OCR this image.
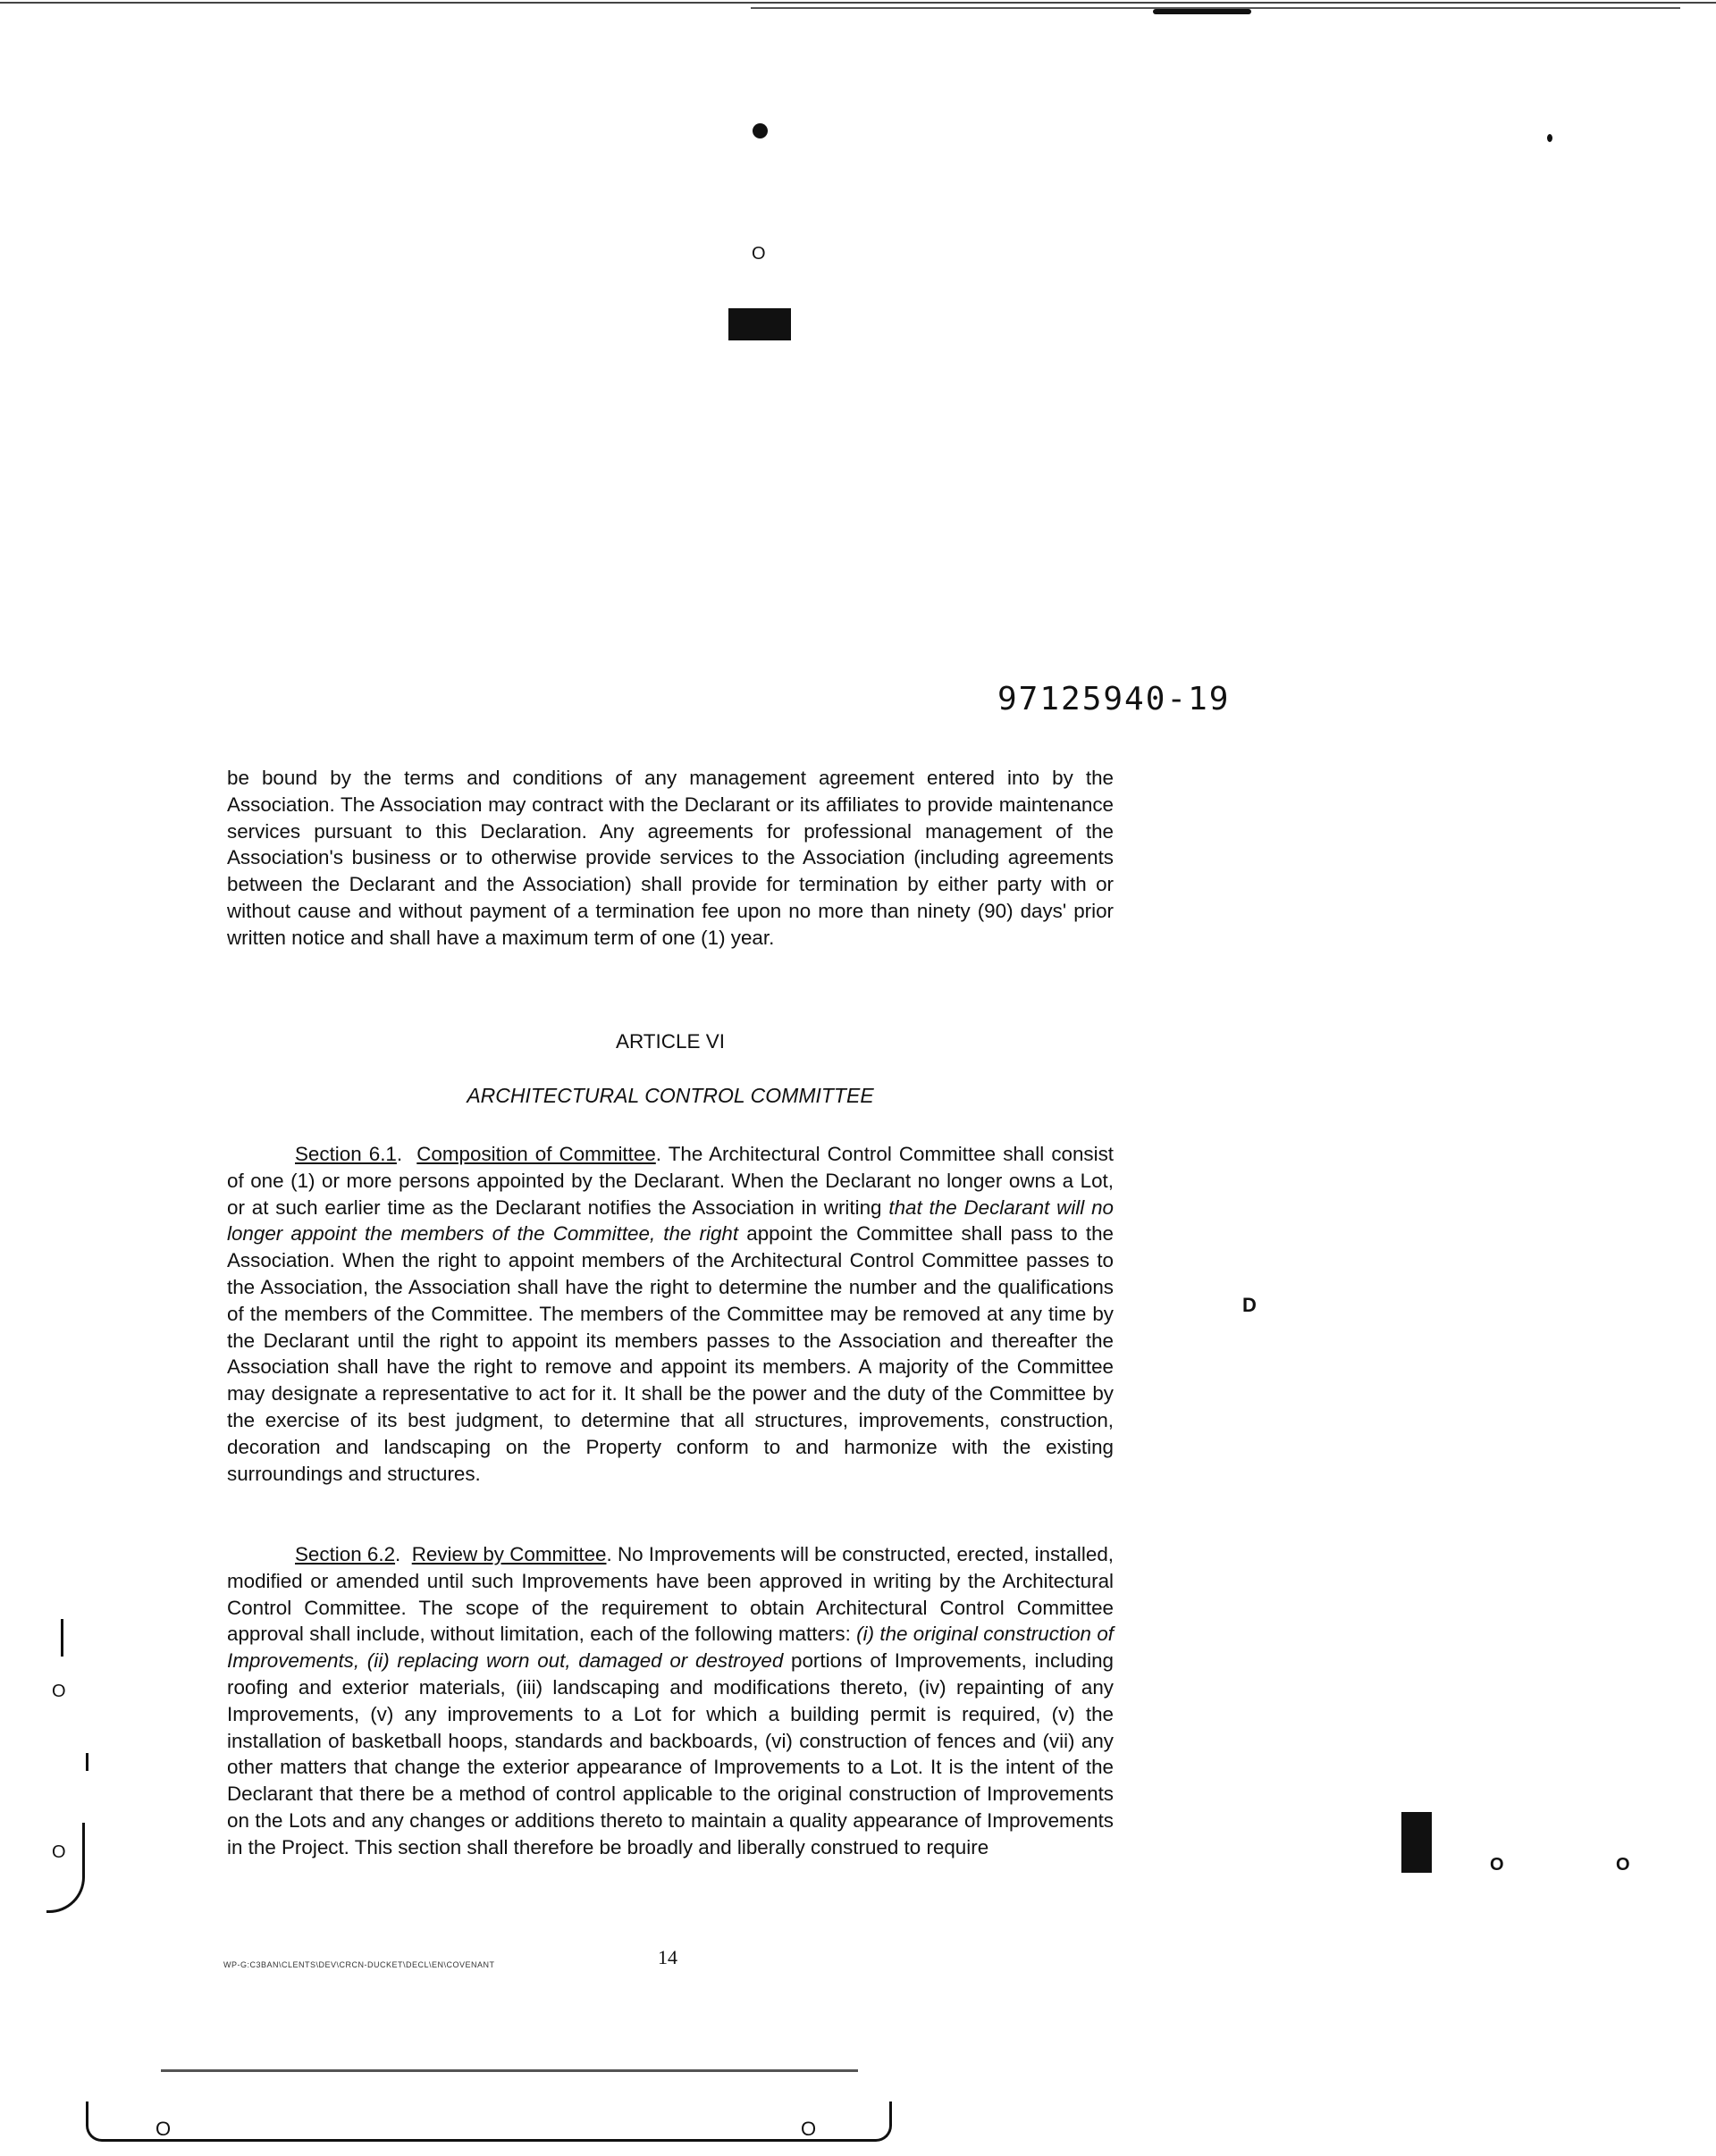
O
97125940-19
be bound by the terms and conditions of any management agreement entered into by the Association. The Association may contract with the Declarant or its affiliates to provide maintenance services pursuant to this Declaration. Any agreements for professional management of the Association's business or to otherwise provide services to the Association (including agreements between the Declarant and the Association) shall provide for termination by either party with or without cause and without payment of a termination fee upon no more than ninety (90) days' prior written notice and shall have a maximum term of one (1) year.
ARTICLE VI
ARCHITECTURAL CONTROL COMMITTEE
Section 6.1.  Composition of Committee. The Architectural Control Committee shall consist of one (1) or more persons appointed by the Declarant. When the Declarant no longer owns a Lot, or at such earlier time as the Declarant notifies the Association in writing that the Declarant will no longer appoint the members of the Committee, the right appoint the Committee shall pass to the Association. When the right to appoint members of the Architectural Control Committee passes to the Association, the Association shall have the right to determine the number and the qualifications of the members of the Committee. The members of the Committee may be removed at any time by the Declarant until the right to appoint its members passes to the Association and thereafter the Association shall have the right to remove and appoint its members. A majority of the Committee may designate a representative to act for it. It shall be the power and the duty of the Committee by the exercise of its best judgment, to determine that all structures, improvements, construction, decoration and landscaping on the Property conform to and harmonize with the existing surroundings and structures.
Section 6.2.  Review by Committee. No Improvements will be constructed, erected, installed, modified or amended until such Improvements have been approved in writing by the Architectural Control Committee. The scope of the requirement to obtain Architectural Control Committee approval shall include, without limitation, each of the following matters: (i) the original construction of Improvements, (ii) replacing worn out, damaged or destroyed portions of Improvements, including roofing and exterior materials, (iii) landscaping and modifications thereto, (iv) repainting of any Improvements, (v) any improvements to a Lot for which a building permit is required, (v) the installation of basketball hoops, standards and backboards, (vi) construction of fences and (vii) any other matters that change the exterior appearance of Improvements to a Lot. It is the intent of the Declarant that there be a method of control applicable to the original construction of Improvements on the Lots and any changes or additions thereto to maintain a quality appearance of Improvements in the Project. This section shall therefore be broadly and liberally construed to require
WP-G:C3BAN\CLENTS\DEV\CRCN-DUCKET\DECL\EN\COVENANT	14
O
O
D
O	O
O	O
